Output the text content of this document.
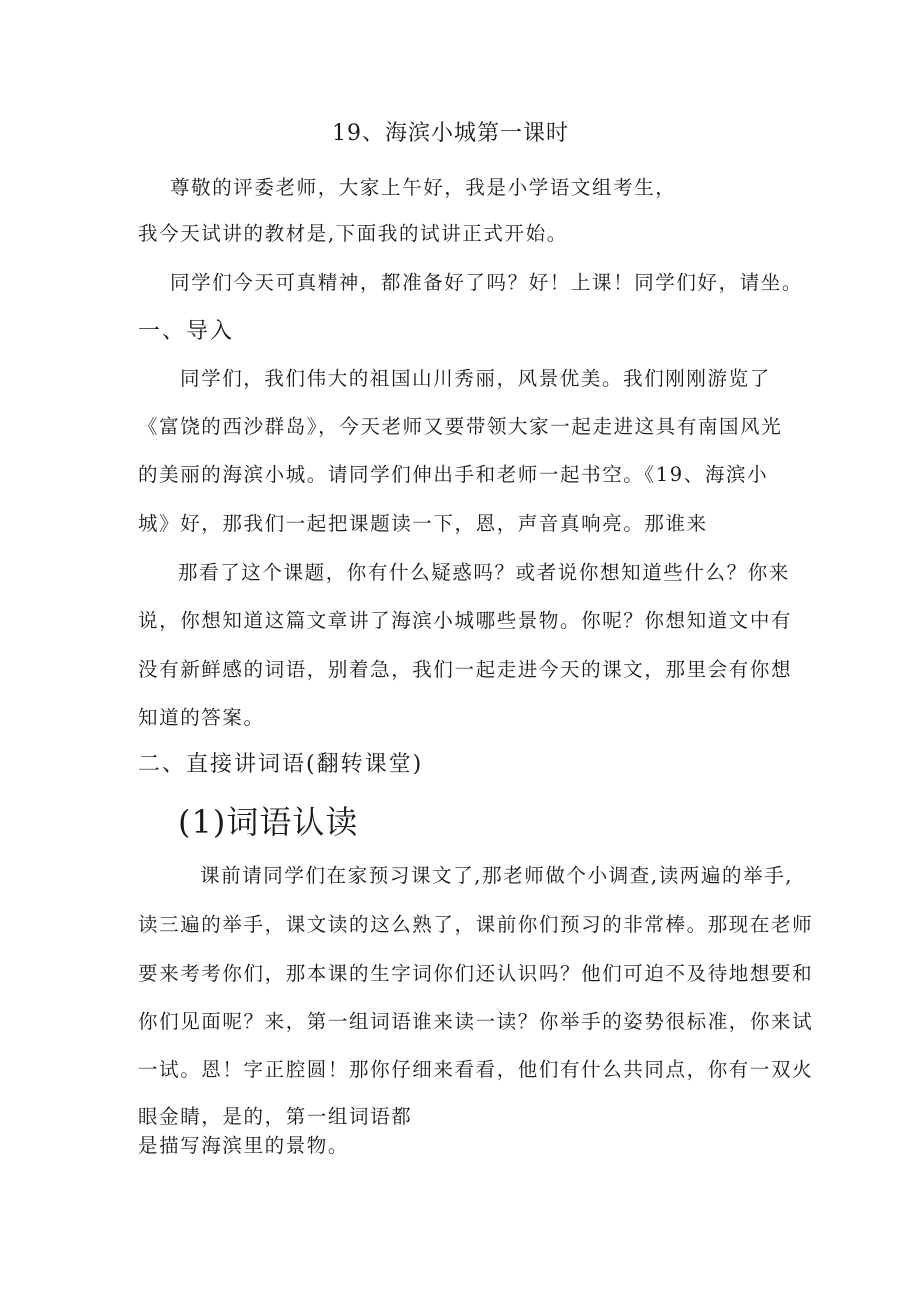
19、海滨小城第一课时

尊敬的评委老师，大家上午好，我是小学语文组考生，

我今天试讲的教材是,下面我的试讲正式开始。

同学们今天可真精神，都准备好了吗？好！上课！同学们好，请坐。

一、导入

同学们，我们伟大的祖国山川秀丽，风景优美。我们刚刚游览了

《富饶的西沙群岛》，今天老师又要带领大家一起走进这具有南国风光

的美丽的海滨小城。请同学们伸出手和老师一起书空。《19、海滨小

城》好，那我们一起把课题读一下，恩，声音真响亮。那谁来

那看了这个课题，你有什么疑惑吗？或者说你想知道些什么？你来

说，你想知道这篇文章讲了海滨小城哪些景物。你呢？你想知道文中有

没有新鲜感的词语，别着急，我们一起走进今天的课文，那里会有你想

知道的答案。

二、直接讲词语(翻转课堂)
(1)词语认读

课前请同学们在家预习课文了,那老师做个小调查,读两遍的举手,

读三遍的举手，课文读的这么熟了，课前你们预习的非常棒。那现在老师

要来考考你们，那本课的生字词你们还认识吗？他们可迫不及待地想要和

你们见面呢？来，第一组词语谁来读一读？你举手的姿势很标准，你来试

一试。恩！字正腔圆！那你仔细来看看，他们有什么共同点，你有一双火

眼金睛，是的，第一组词语都

是描写海滨里的景物。
